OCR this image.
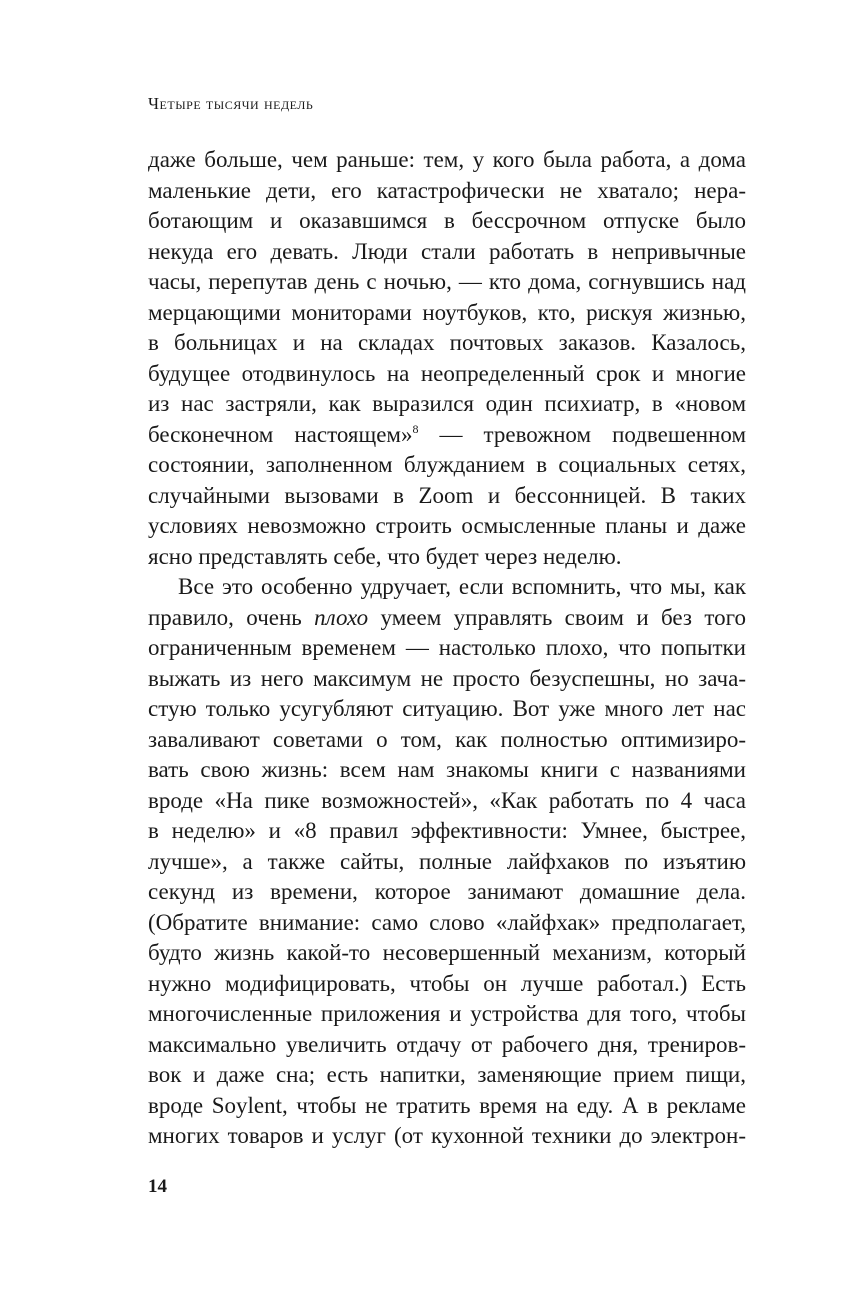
Четыре тысячи недель
даже больше, чем раньше: тем, у кого была работа, а дома
маленькие дети, его катастрофически не хватало; нера-
ботающим и оказавшимся в бессрочном отпуске было
некуда его девать. Люди стали работать в непривычные
часы, перепутав день с ночью, — кто дома, согнувшись над
мерцающими мониторами ноутбуков, кто, рискуя жизнью,
в больницах и на складах почтовых заказов. Казалось,
будущее отодвинулось на неопределенный срок и многие
из нас застряли, как выразился один психиатр, в «новом
бесконечном настоящем»$^8$ — тревожном подвешенном
состоянии, заполненном блужданием в социальных сетях,
случайными вызовами в Zoom и бессонницей. В таких
условиях невозможно строить осмысленные планы и даже
ясно представлять себе, что будет через неделю.
Все это особенно удручает, если вспомнить, что мы, как
правило, очень плохо умеем управлять своим и без того
ограниченным временем — настолько плохо, что попытки
выжать из него максимум не просто безуспешны, но зача-
стую только усугубляют ситуацию. Вот уже много лет нас
заваливают советами о том, как полностью оптимизиро-
вать свою жизнь: всем нам знакомы книги с названиями
вроде «На пике возможностей», «Как работать по 4 часа
в неделю» и «8 правил эффективности: Умнее, быстрее,
лучше», а также сайты, полные лайфхаков по изъятию
секунд из времени, которое занимают домашние дела.
(Обратите внимание: само слово «лайфхак» предполагает,
будто жизнь какой-то несовершенный механизм, который
нужно модифицировать, чтобы он лучше работал.) Есть
многочисленные приложения и устройства для того, чтобы
максимально увеличить отдачу от рабочего дня, трениров-
вок и даже сна; есть напитки, заменяющие прием пищи,
вроде Soylent, чтобы не тратить время на еду. А в рекламе
многих товаров и услуг (от кухонной техники до электрон-
14
